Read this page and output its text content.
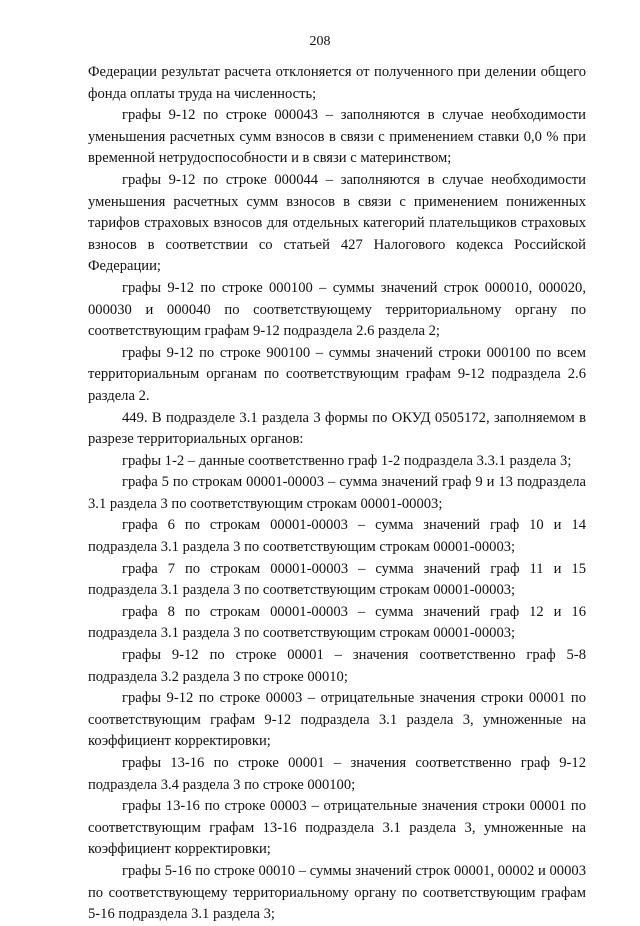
208

Федерации результат расчета отклоняется от полученного при делении общего фонда оплаты труда на численность;

графы 9-12 по строке 000043 – заполняются в случае необходимости уменьшения расчетных сумм взносов в связи с применением ставки 0,0 % при временной нетрудоспособности и в связи с материнством;

графы 9-12 по строке 000044 – заполняются в случае необходимости уменьшения расчетных сумм взносов в связи с применением пониженных тарифов страховых взносов для отдельных категорий плательщиков страховых взносов в соответствии со статьей 427 Налогового кодекса Российской Федерации;

графы 9-12 по строке 000100 – суммы значений строк 000010, 000020, 000030 и 000040 по соответствующему территориальному органу по соответствующим графам 9-12 подраздела 2.6 раздела 2;

графы 9-12 по строке 900100 – суммы значений строки 000100 по всем территориальным органам по соответствующим графам 9-12 подраздела 2.6 раздела 2.

449. В подразделе 3.1 раздела 3 формы по ОКУД 0505172, заполняемом в разрезе территориальных органов:

графы 1-2 – данные соответственно граф 1-2 подраздела 3.3.1 раздела 3;

графа 5 по строкам 00001-00003 – сумма значений граф 9 и 13 подраздела 3.1 раздела 3 по соответствующим строкам 00001-00003;

графа 6 по строкам 00001-00003 – сумма значений граф 10 и 14 подраздела 3.1 раздела 3 по соответствующим строкам 00001-00003;

графа 7 по строкам 00001-00003 – сумма значений граф 11 и 15 подраздела 3.1 раздела 3 по соответствующим строкам 00001-00003;

графа 8 по строкам 00001-00003 – сумма значений граф 12 и 16 подраздела 3.1 раздела 3 по соответствующим строкам 00001-00003;

графы 9-12 по строке 00001 – значения соответственно граф 5-8 подраздела 3.2 раздела 3 по строке 00010;

графы 9-12 по строке 00003 – отрицательные значения строки 00001 по соответствующим графам 9-12 подраздела 3.1 раздела 3, умноженные на коэффициент корректировки;

графы 13-16 по строке 00001 – значения соответственно граф 9-12 подраздела 3.4 раздела 3 по строке 000100;

графы 13-16 по строке 00003 – отрицательные значения строки 00001 по соответствующим графам 13-16 подраздела 3.1 раздела 3, умноженные на коэффициент корректировки;

графы 5-16 по строке 00010 – суммы значений строк 00001, 00002 и 00003 по соответствующему территориальному органу по соответствующим графам 5-16 подраздела 3.1 раздела 3;
